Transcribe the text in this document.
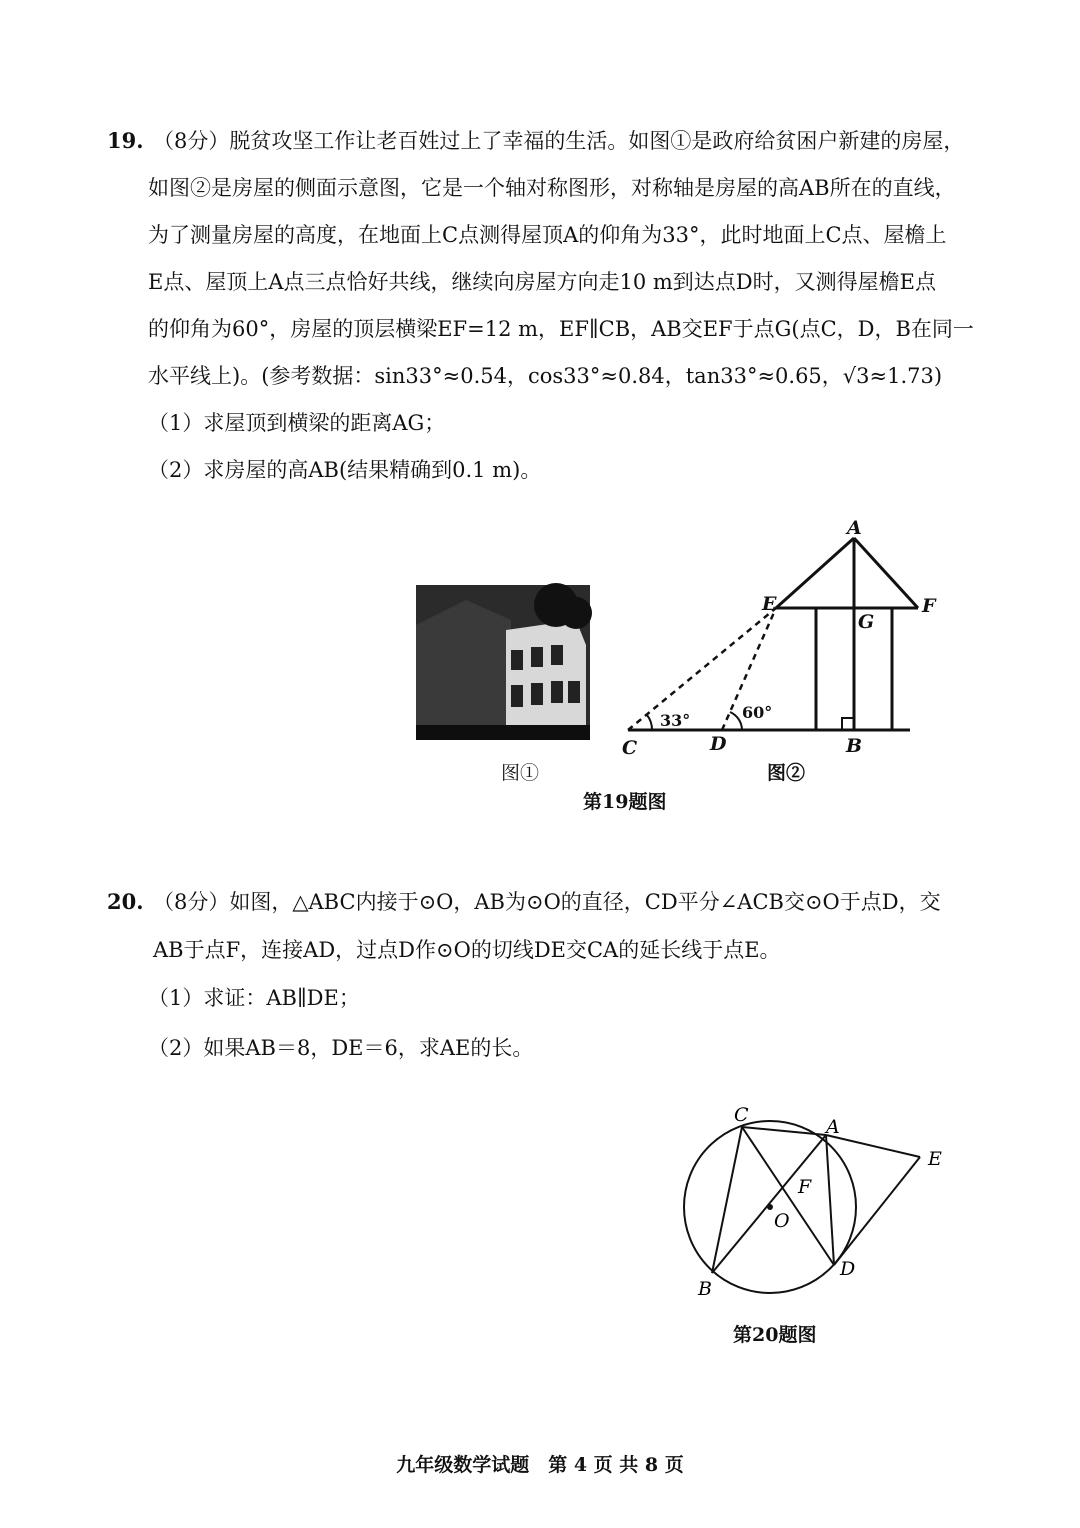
19. （8分）脱贫攻坚工作让老百姓过上了幸福的生活。如图①是政府给贫困户新建的房屋，
如图②是房屋的侧面示意图，它是一个轴对称图形，对称轴是房屋的高AB所在的直线，
为了测量房屋的高度，在地面上C点测得屋顶A的仰角为33°，此时地面上C点、屋檐上
E点、屋顶上A点三点恰好共线，继续向房屋方向走10 m到达点D时，又测得屋檐E点
的仰角为60°，房屋的顶层横梁EF=12 m，EF∥CB，AB交EF于点G(点C，D，B在同一
水平线上)。(参考数据：sin33°≈0.54，cos33°≈0.84，tan33°≈0.65，√3≈1.73)
（1）求屋顶到横梁的距离AG；
（2）求房屋的高AB(结果精确到0.1 m)。
A
E	F
G
C	D	B
33°	60°
图①	图②
第19题图
20. （8分）如图，△ABC内接于⊙O，AB为⊙O的直径，CD平分∠ACB交⊙O于点D，交
AB于点F，连接AD，过点D作⊙O的切线DE交CA的延长线于点E。
（1）求证：AB∥DE；
（2）如果AB＝8，DE＝6，求AE的长。
C
A
E
F
O
B
D
第20题图
九年级数学试题　第 4 页 共 8 页
